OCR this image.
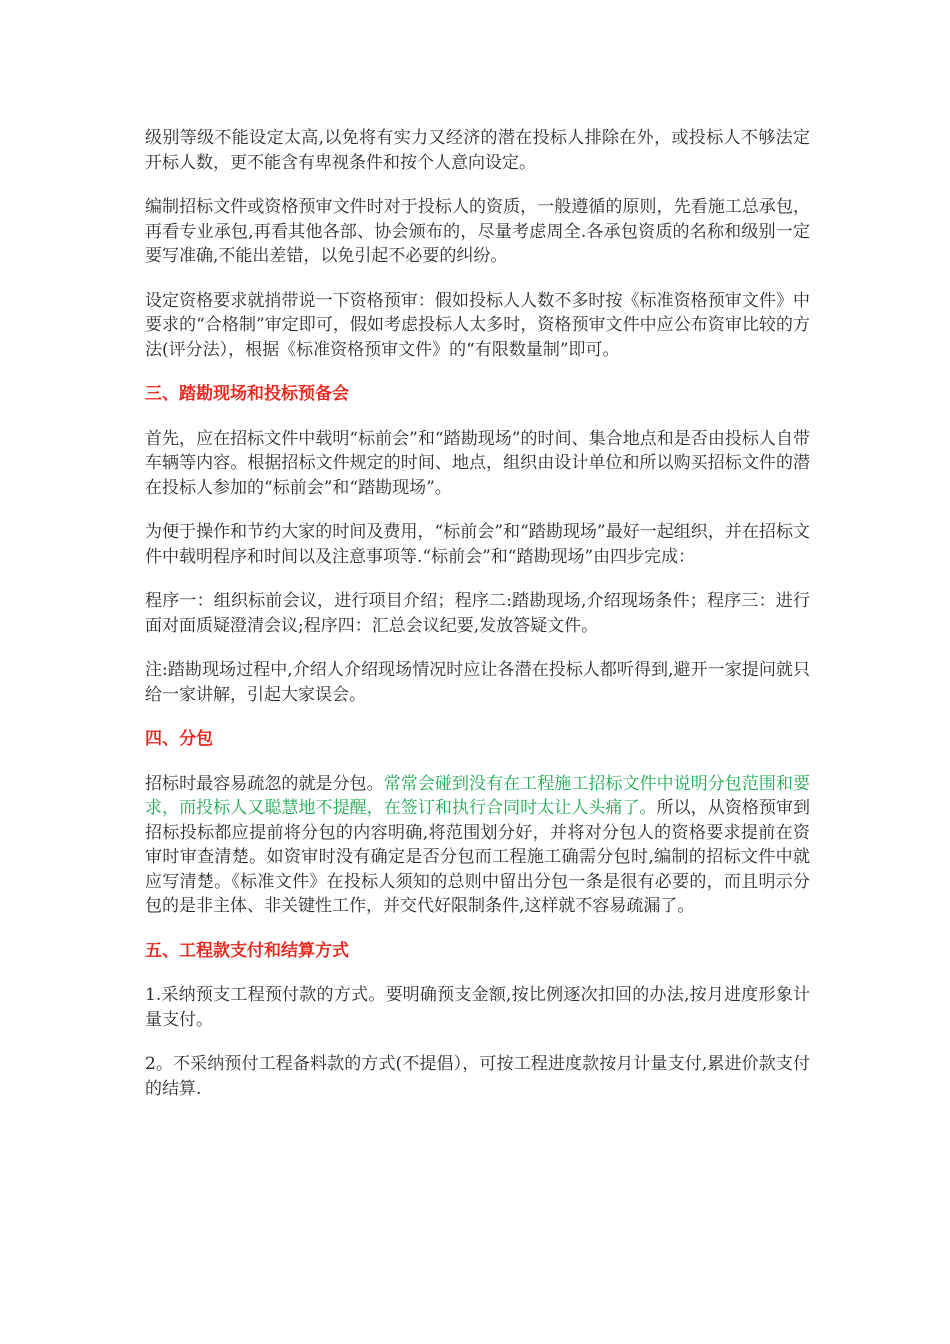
级别等级不能设定太高,以免将有实力又经济的潜在投标人排除在外，或投标人不够法定开标人数，更不能含有卑视条件和按个人意向设定。

编制招标文件或资格预审文件时对于投标人的资质，一般遵循的原则，先看施工总承包，再看专业承包,再看其他各部、协会颁布的，尽量考虑周全.各承包资质的名称和级别一定要写准确,不能出差错，以免引起不必要的纠纷。

设定资格要求就捎带说一下资格预审：假如投标人人数不多时按《标准资格预审文件》中要求的“合格制”审定即可，假如考虑投标人太多时，资格预审文件中应公布资审比较的方法(评分法），根据《标准资格预审文件》的“有限数量制”即可。

三、踏勘现场和投标预备会

首先，应在招标文件中载明“标前会”和“踏勘现场”的时间、集合地点和是否由投标人自带车辆等内容。根据招标文件规定的时间、地点，组织由设计单位和所以购买招标文件的潜在投标人参加的“标前会”和“踏勘现场”。

为便于操作和节约大家的时间及费用，“标前会”和“踏勘现场”最好一起组织，并在招标文件中载明程序和时间以及注意事项等.“标前会”和“踏勘现场”由四步完成：

程序一：组织标前会议，进行项目介绍；程序二:踏勘现场,介绍现场条件；程序三：进行面对面质疑澄清会议;程序四：汇总会议纪要,发放答疑文件。

注:踏勘现场过程中,介绍人介绍现场情况时应让各潜在投标人都听得到,避开一家提问就只给一家讲解，引起大家误会。

四、分包

招标时最容易疏忽的就是分包。常常会碰到没有在工程施工招标文件中说明分包范围和要求，而投标人又聪慧地不提醒，在签订和执行合同时太让人头痛了。所以，从资格预审到招标投标都应提前将分包的内容明确,将范围划分好，并将对分包人的资格要求提前在资审时审查清楚。如资审时没有确定是否分包而工程施工确需分包时,编制的招标文件中就应写清楚。《标准文件》在投标人须知的总则中留出分包一条是很有必要的，而且明示分包的是非主体、非关键性工作，并交代好限制条件,这样就不容易疏漏了。

五、工程款支付和结算方式

1.采纳预支工程预付款的方式。要明确预支金额,按比例逐次扣回的办法,按月进度形象计量支付。

2。不采纳预付工程备料款的方式(不提倡），可按工程进度款按月计量支付,累进价款支付的结算.
